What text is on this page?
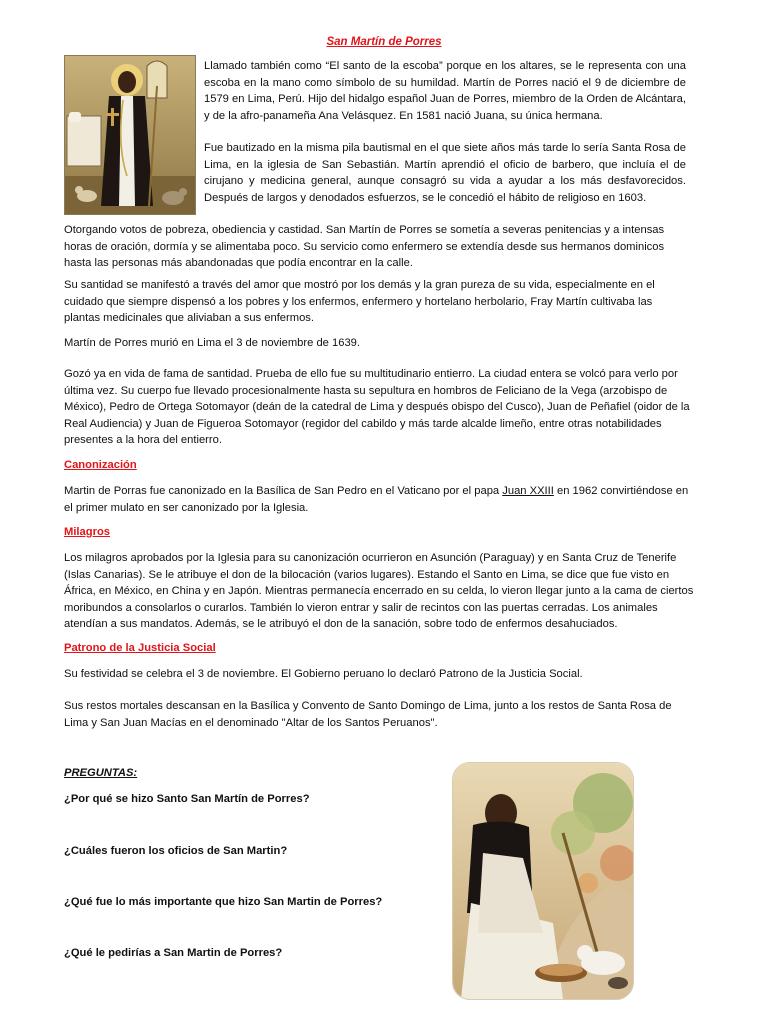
San Martín de Porres

Llamado también como “El santo de la escoba” porque en los altares, se le representa con una escoba en la mano como símbolo de su humildad. Martín de Porres nació el 9 de diciembre de 1579 en Lima, Perú. Hijo del hidalgo español Juan de Porres, miembro de la Orden de Alcántara, y de la afro-panameña Ana Velásquez. En 1581 nació Juana, su única hermana.

Fue bautizado en la misma pila bautismal en el que siete años más tarde lo sería Santa Rosa de Lima, en la iglesia de San Sebastián. Martín aprendió el oficio de barbero, que incluía el de cirujano y medicina general, aunque consagró su vida a ayudar a los más desfavorecidos. Después de largos y denodados esfuerzos, se le concedió el hábito de religioso en 1603.

Otorgando votos de pobreza, obediencia y castidad. San Martín de Porres se sometía a severas penitencias y a intensas horas de oración, dormía y se alimentaba poco. Su servicio como enfermero se extendía desde sus hermanos dominicos hasta las personas más abandonadas que podía encontrar en la calle.

Su santidad se manifestó a través del amor que mostró por los demás y la gran pureza de su vida, especialmente en el cuidado que siempre dispensó a los pobres y los enfermos, enfermero y hortelano herbolario, Fray Martín cultivaba las plantas medicinales que aliviaban a sus enfermos.

Martín de Porres murió en Lima el 3 de noviembre de 1639.

Gozó ya en vida de fama de santidad. Prueba de ello fue su multitudinario entierro. La ciudad entera se volcó para verlo por última vez. Su cuerpo fue llevado procesionalmente hasta su sepultura en hombros de Feliciano de la Vega (arzobispo de México), Pedro de Ortega Sotomayor (deán de la catedral de Lima y después obispo del Cusco), Juan de Peñafiel (oidor de la Real Audiencia) y Juan de Figueroa Sotomayor (regidor del cabildo y más tarde alcalde limeño, entre otras notabilidades presentes a la hora del entierro.

Canonización

Martin de Porras fue canonizado en la Basílica de San Pedro en el Vaticano por el papa Juan XXIII en 1962 convirtiéndose en el primer mulato en ser canonizado por la Iglesia.

Milagros

Los milagros aprobados por la Iglesia para su canonización ocurrieron en Asunción (Paraguay) y en Santa Cruz de Tenerife (Islas Canarias). Se le atribuye el don de la bilocación (varios lugares). Estando el Santo en Lima, se dice que fue visto en África, en México, en China y en Japón. Mientras permanecía encerrado en su celda, lo vieron llegar junto a la cama de ciertos moribundos a consolarlos o curarlos. También lo vieron entrar y salir de recintos con las puertas cerradas. Los animales atendían a sus mandatos. Además, se le atribuyó el don de la sanación, sobre todo de enfermos desahuciados.

Patrono de la Justicia Social

Su festividad se celebra el 3 de noviembre. El Gobierno peruano lo declaró Patrono de la Justicia Social.

Sus restos mortales descansan en la Basílica y Convento de Santo Domingo de Lima, junto a los restos de Santa Rosa de Lima y San Juan Macías en el denominado "Altar de los Santos Peruanos".

PREGUNTAS:
¿Por qué se hizo Santo San Martín de Porres?
¿Cuáles fueron los oficios de San Martin?
¿Qué fue lo más importante que hizo San Martin de Porres?
¿Qué le pedirías a San Martin de Porres?
